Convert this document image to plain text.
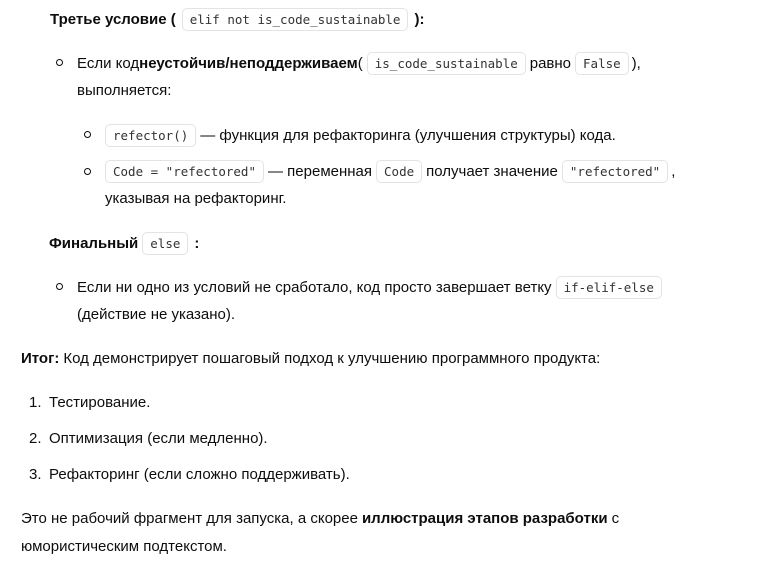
Третье условие (	elif not is_code_sustainable ):
Если код неустойчив/неподдерживаем ( is_code_sustainable равно False ),
выполняется:
refector() — функция для рефакторинга (улучшения структуры) кода.
Code = "refectored" — переменная Code получает значение "refectored" ,
указывая на рефакторинг.
Финальный else :
Если ни одно из условий не сработало, код просто завершает ветку if-elif-else
(действие не указано).
Итог: Код демонстрирует пошаговый подход к улучшению программного продукта:
1. Тестирование.
2. Оптимизация (если медленно).
3. Рефакторинг (если сложно поддерживать).
Это не рабочий фрагмент для запуска, а скорее иллюстрация этапов разработки с
юмористическим подтекстом.
